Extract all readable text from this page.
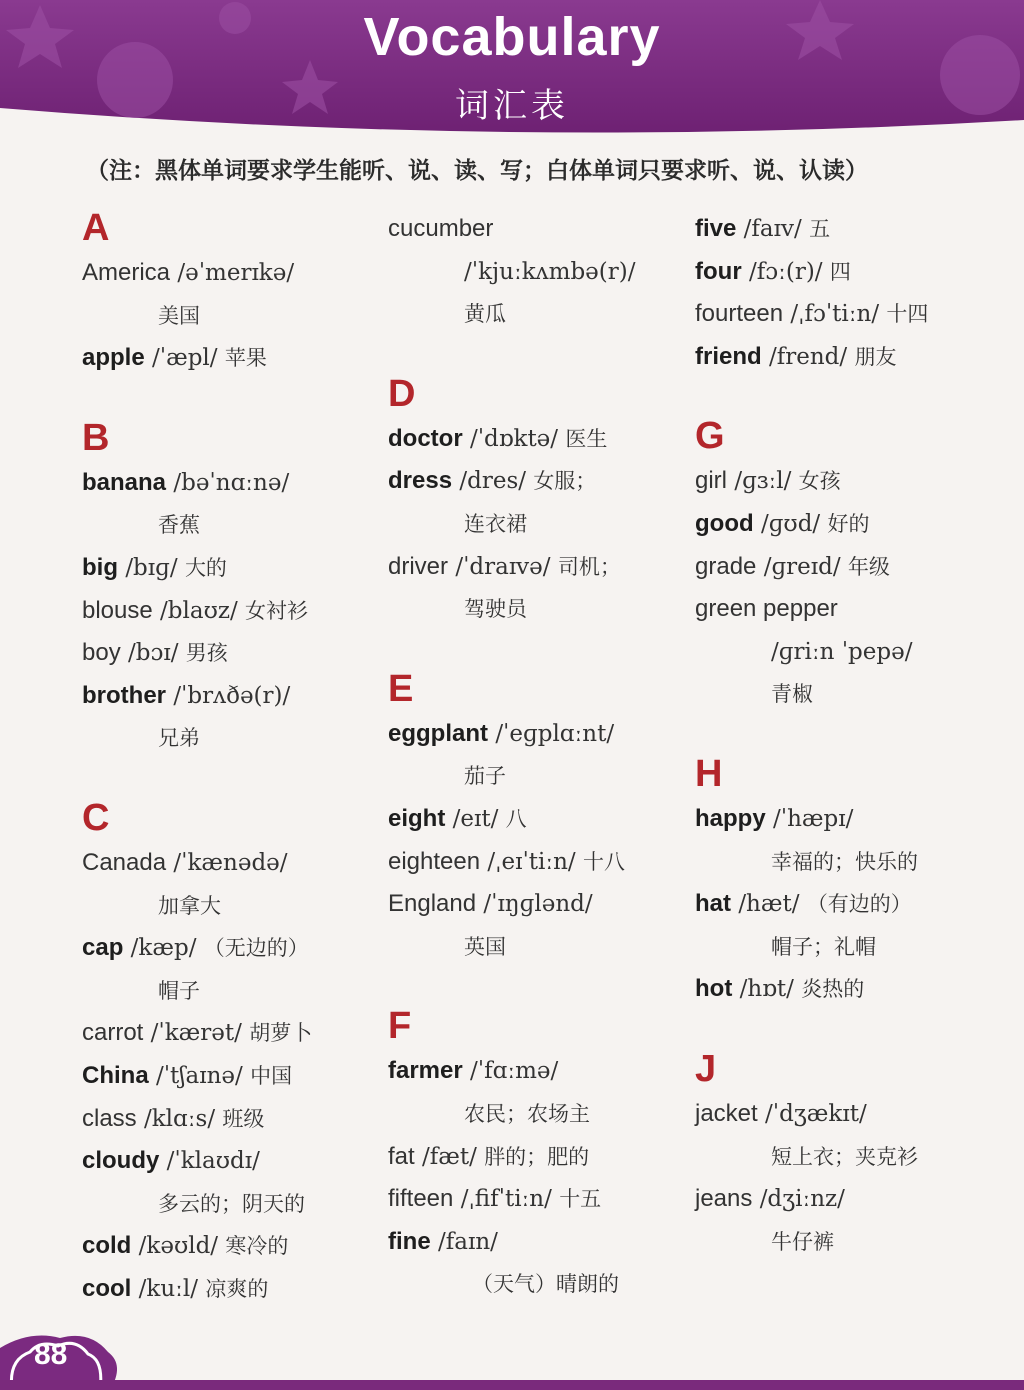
Vocabulary
词汇表
（注：黑体单词要求学生能听、说、读、写；白体单词只要求听、说、认读）
A
America /əˈmerɪkə/
美国
apple /ˈæpl/ 苹果
B
banana /bəˈnɑːnə/
香蕉
big /bɪɡ/ 大的
blouse /blaʊz/ 女衬衫
boy /bɔɪ/ 男孩
brother /ˈbrʌðə(r)/
兄弟
C
Canada /ˈkænədə/
加拿大
cap /kæp/ （无边的）
帽子
carrot /ˈkærət/ 胡萝卜
China /ˈtʃaɪnə/ 中国
class /klɑːs/ 班级
cloudy /ˈklaʊdɪ/
多云的；阴天的
cold /kəʊld/ 寒冷的
cool /kuːl/ 凉爽的
cucumber
/ˈkjuːkʌmbə(r)/
黄瓜
D
doctor /ˈdɒktə/ 医生
dress /dres/ 女服；
连衣裙
driver /ˈdraɪvə/ 司机；
驾驶员
E
eggplant /ˈeɡplɑːnt/
茄子
eight /eɪt/ 八
eighteen /ˌeɪˈtiːn/ 十八
England /ˈɪŋɡlənd/
英国
F
farmer /ˈfɑːmə/
农民；农场主
fat /fæt/ 胖的；肥的
fifteen /ˌfifˈtiːn/ 十五
fine /faɪn/
（天气）晴朗的
five /faɪv/ 五
four /fɔː(r)/ 四
fourteen /ˌfɔˈtiːn/ 十四
friend /frend/ 朋友
G
girl /ɡɜːl/ 女孩
good /ɡʊd/ 好的
grade /ɡreɪd/ 年级
green pepper
/ɡriːn ˈpepə/
青椒
H
happy /ˈhæpɪ/
幸福的；快乐的
hat /hæt/ （有边的）
帽子；礼帽
hot /hɒt/ 炎热的
J
jacket /ˈdʒækɪt/
短上衣；夹克衫
jeans /dʒiːnz/
牛仔裤
88
